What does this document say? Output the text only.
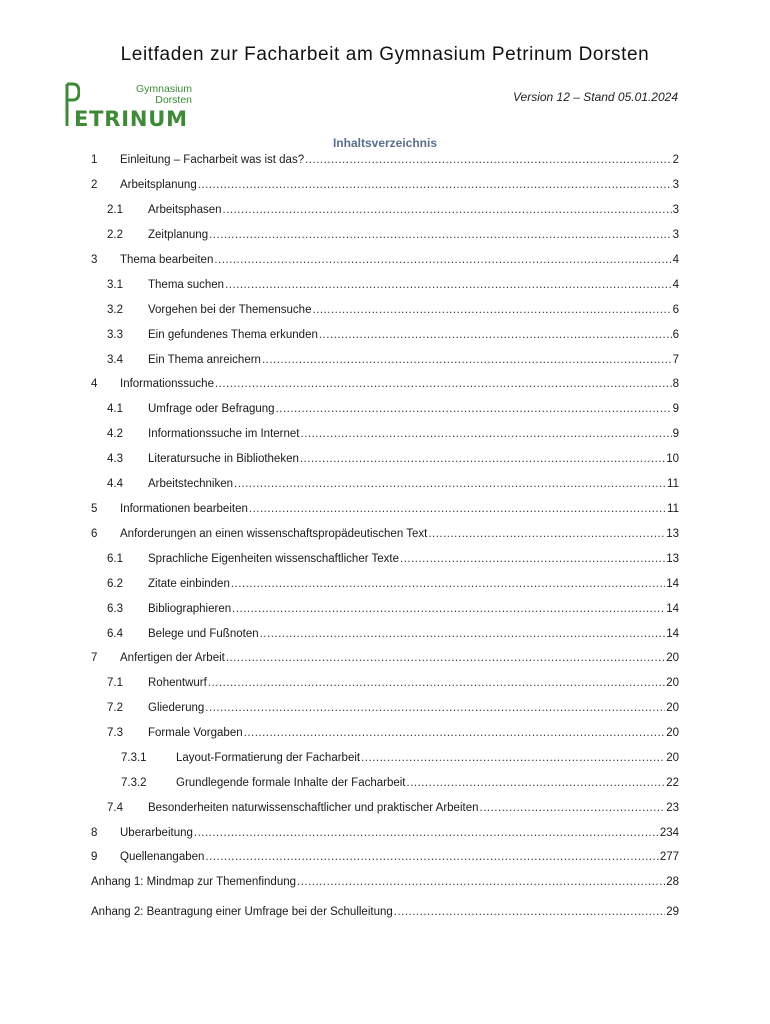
Leitfaden zur Facharbeit am Gymnasium Petrinum Dorsten
Gymnasium
Dorsten
ETRINUM
Version 12 – Stand 05.01.2024
Inhaltsverzeichnis
1 Einleitung – Facharbeit was ist das? .....	2
2 Arbeitsplanung .....	3
2.1 Arbeitsphasen .....	3
2.2 Zeitplanung .....	3
3 Thema bearbeiten .....	4
3.1 Thema suchen .....	4
3.2 Vorgehen bei der Themensuche .....	6
3.3 Ein gefundenes Thema erkunden .....	6
3.4 Ein Thema anreichern .....	7
4 Informationssuche .....	8
4.1 Umfrage oder Befragung .....	9
4.2 Informationssuche im Internet .....	9
4.3 Literatursuche in Bibliotheken .....	10
4.4 Arbeitstechniken .....	11
5 Informationen bearbeiten .....	11
6 Anforderungen an einen wissenschaftspropädeutischen Text .....	13
6.1 Sprachliche Eigenheiten wissenschaftlicher Texte .....	13
6.2 Zitate einbinden .....	14
6.3 Bibliographieren .....	14
6.4 Belege und Fußnoten .....	14
7 Anfertigen der Arbeit .....	20
7.1 Rohentwurf .....	20
7.2 Gliederung .....	20
7.3 Formale Vorgaben .....	20
7.3.1	Layout-Formatierung der Facharbeit .....	20
7.3.2	Grundlegende formale Inhalte der Facharbeit .....	22
7.4 Besonderheiten naturwissenschaftlicher und praktischer Arbeiten .....	23
8 Überarbeitung .....	234
9 Quellenangaben .....	277
Anhang 1: Mindmap zur Themenfindung .....	28
Anhang 2: Beantragung einer Umfrage bei der Schulleitung .....	29
